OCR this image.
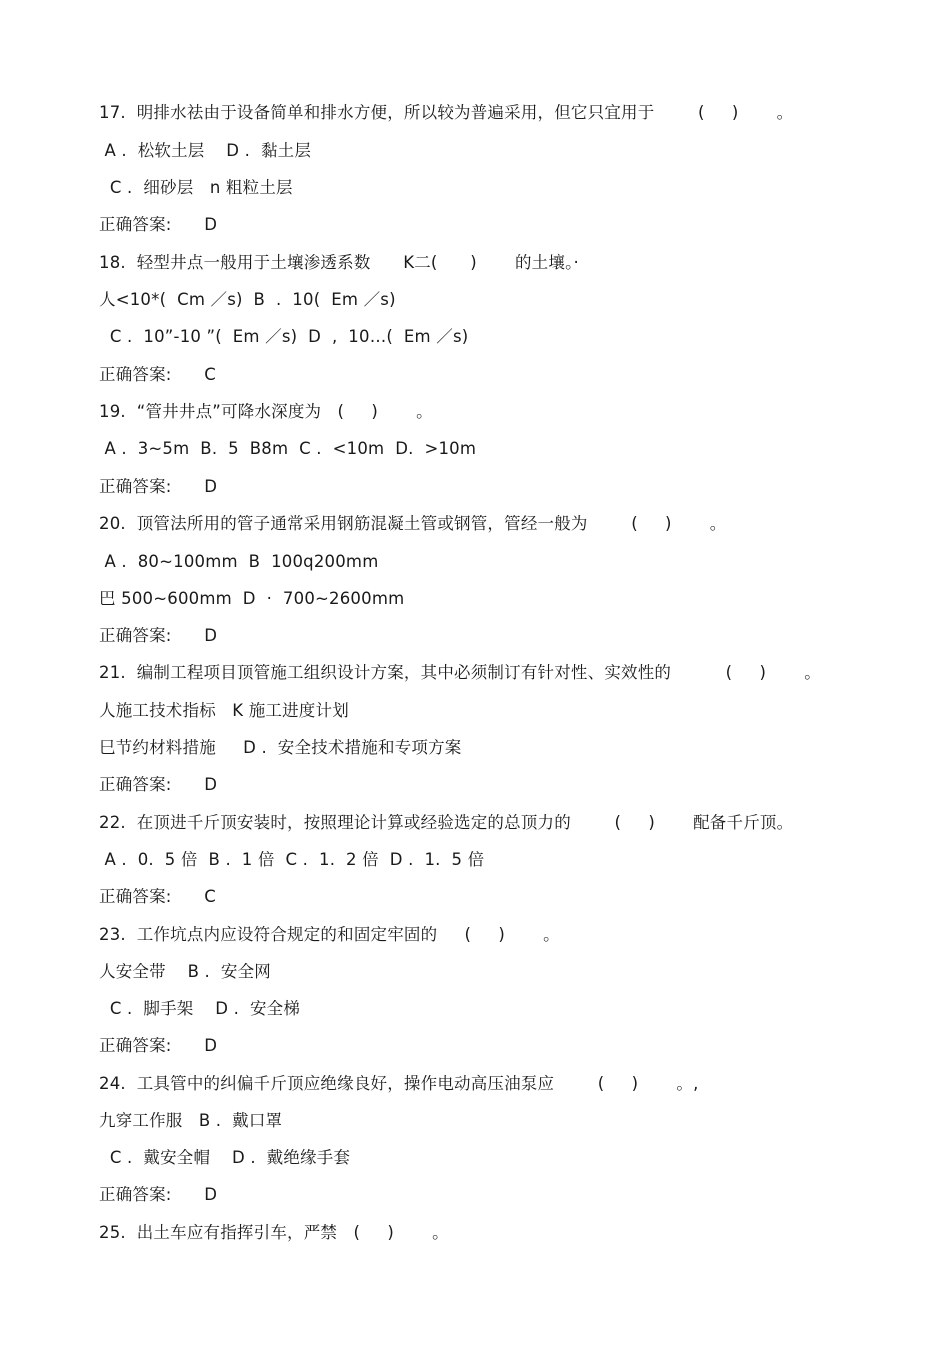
17.  明排水祛由于设备简单和排水方便，所以较为普遍采用，但它只宜用于        (     )       。
A .  松软土层    D .  黏土层
C .  细砂层   n 粗粒土层
正确答案:      D
18.  轻型井点一般用于土壤渗透系数      K二(      )       的土壤。·
人<10*(  Cm ／s)  B  .  10(  Em ／s)
C .  10”-10 ”(  Em ／s)  D  ,  10…(  Em ／s)
正确答案:      C
19.  “管井井点”可降水深度为   (     )       。
A .  3~5m  B.  5  B8m  C .  <10m  D.  >10m
正确答案:      D
20.  顶管法所用的管子通常采用钢筋混凝土管或钢管，管经一般为        (     )       。
A .  80~100mm  B  100q200mm
巴 500~600mm  D  ·  700~2600mm
正确答案:      D
21.  编制工程项目顶管施工组织设计方案，其中必须制订有针对性、实效性的          (     )       。
人施工技术指标   K 施工进度计划
巳节约材料措施     D .  安全技术措施和专项方案
正确答案:      D
22.  在顶进千斤顶安装时，按照理论计算或经验选定的总顶力的        (     )       配备千斤顶。
A .  0.  5 倍  B .  1 倍  C .  1.  2 倍  D .  1.  5 倍
正确答案:      C
23.  工作坑点内应设符合规定的和固定牢固的     (     )       。
人安全带    B .  安全网
C .  脚手架    D .  安全梯
正确答案:      D
24.  工具管中的纠偏千斤顶应绝缘良好，操作电动高压油泵应        (     )       。,
九穿工作服   B .  戴口罩
C .  戴安全帽    D .  戴绝缘手套
正确答案:      D
25.  出土车应有指挥引车，严禁   (     )       。
